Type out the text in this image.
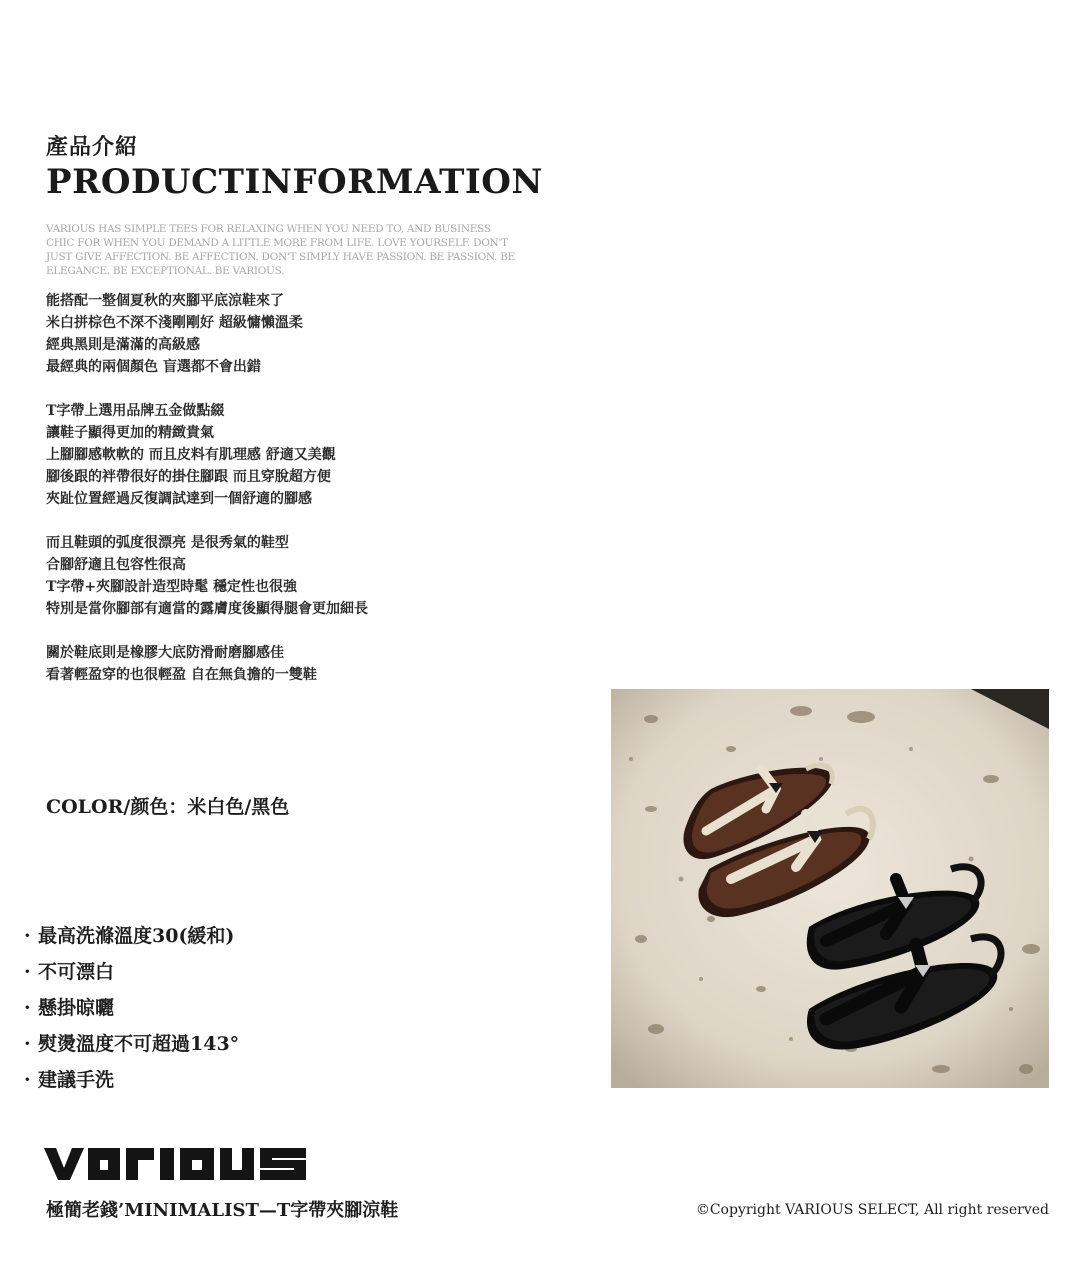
產品介紹
PRODUCTINFORMATION

VARIOUS HAS SIMPLE TEES FOR RELAXING WHEN YOU NEED TO, AND BUSINESS CHIC FOR WHEN YOU DEMAND A LITTLE MORE FROM LIFE. LOVE YOURSELF. DON'T JUST GIVE AFFECTION. BE AFFECTION. DON'T SIMPLY HAVE PASSION. BE PASSION. BE ELEGANCE. BE EXCEPTIONAL. BE VARIOUS.

能搭配一整個夏秋的夾腳平底涼鞋來了
米白拼棕色不深不淺剛剛好 超級慵懶溫柔
經典黑則是滿滿的高級感
最經典的兩個顏色 盲選都不會出錯
T字帶上選用品牌五金做點綴
讓鞋子顯得更加的精緻貴氣
上腳腳感軟軟的 而且皮料有肌理感 舒適又美觀
腳後跟的袢帶很好的掛住腳跟 而且穿脫超方便
夾趾位置經過反復調試達到一個舒適的腳感
而且鞋頭的弧度很漂亮 是很秀氣的鞋型
合腳舒適且包容性很高
T字帶+夾腳設計造型時髦 穩定性也很強
特別是當你腳部有適當的露膚度後顯得腿會更加細長
關於鞋底則是橡膠大底防滑耐磨腳感佳
看著輕盈穿的也很輕盈 自在無負擔的一雙鞋
COLOR/颜色：米白色/黑色
· 最高洗滌溫度30(緩和)
· 不可漂白
· 懸掛晾曬
· 熨燙溫度不可超過143°
· 建議手洗
極簡老錢’MINIMALIST—T字帶夾腳涼鞋	©Copyright VARIOUS SELECT, All right reserved
